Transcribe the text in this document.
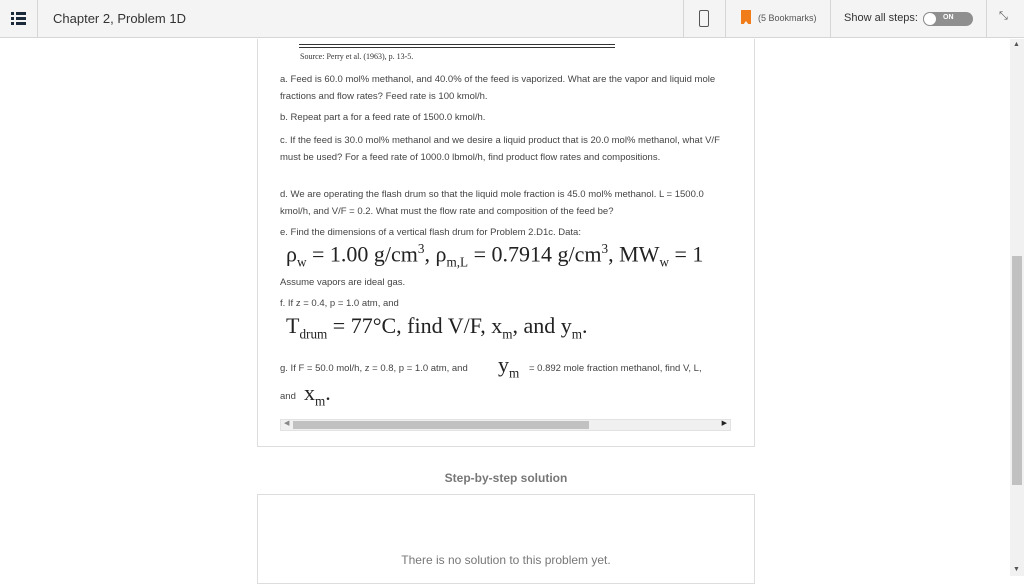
Chapter 2, Problem 1D	(5 Bookmarks) Show all steps:	ON	⤡
Source: Perry et al. (1963), p. 13-5.
a. Feed is 60.0 mol% methanol, and 40.0% of the feed is vaporized. What are the vapor and liquid mole fractions and flow rates? Feed rate is 100 kmol/h.
b. Repeat part a for a feed rate of 1500.0 kmol/h.
c. If the feed is 30.0 mol% methanol and we desire a liquid product that is 20.0 mol% methanol, what V/F must be used? For a feed rate of 1000.0 lbmol/h, find product flow rates and compositions.
d. We are operating the flash drum so that the liquid mole fraction is 45.0 mol% methanol. L = 1500.0 kmol/h, and V/F = 0.2. What must the flow rate and composition of the feed be?
e. Find the dimensions of a vertical flash drum for Problem 2.D1c. Data:
$\rho_w = 1.00$ $g/cm^3$, $\rho_{m,L} = 0.7914$ $g/cm^3$, $MW_w = 1$
Assume vapors are ideal gas.
f. If z = 0.4, p = 1.0 atm, and
$T_{drum} = 77^\circ C$, find V/F, $x_m$, and $y_m$.
g. If F = 50.0 mol/h, z = 0.8, p = 1.0 atm, and $y_m = 0.892$ mole fraction methanol, find V, L,
and $x_m$.
◀	▶
Step-by-step solution
There is no solution to this problem yet.
▲
▼
